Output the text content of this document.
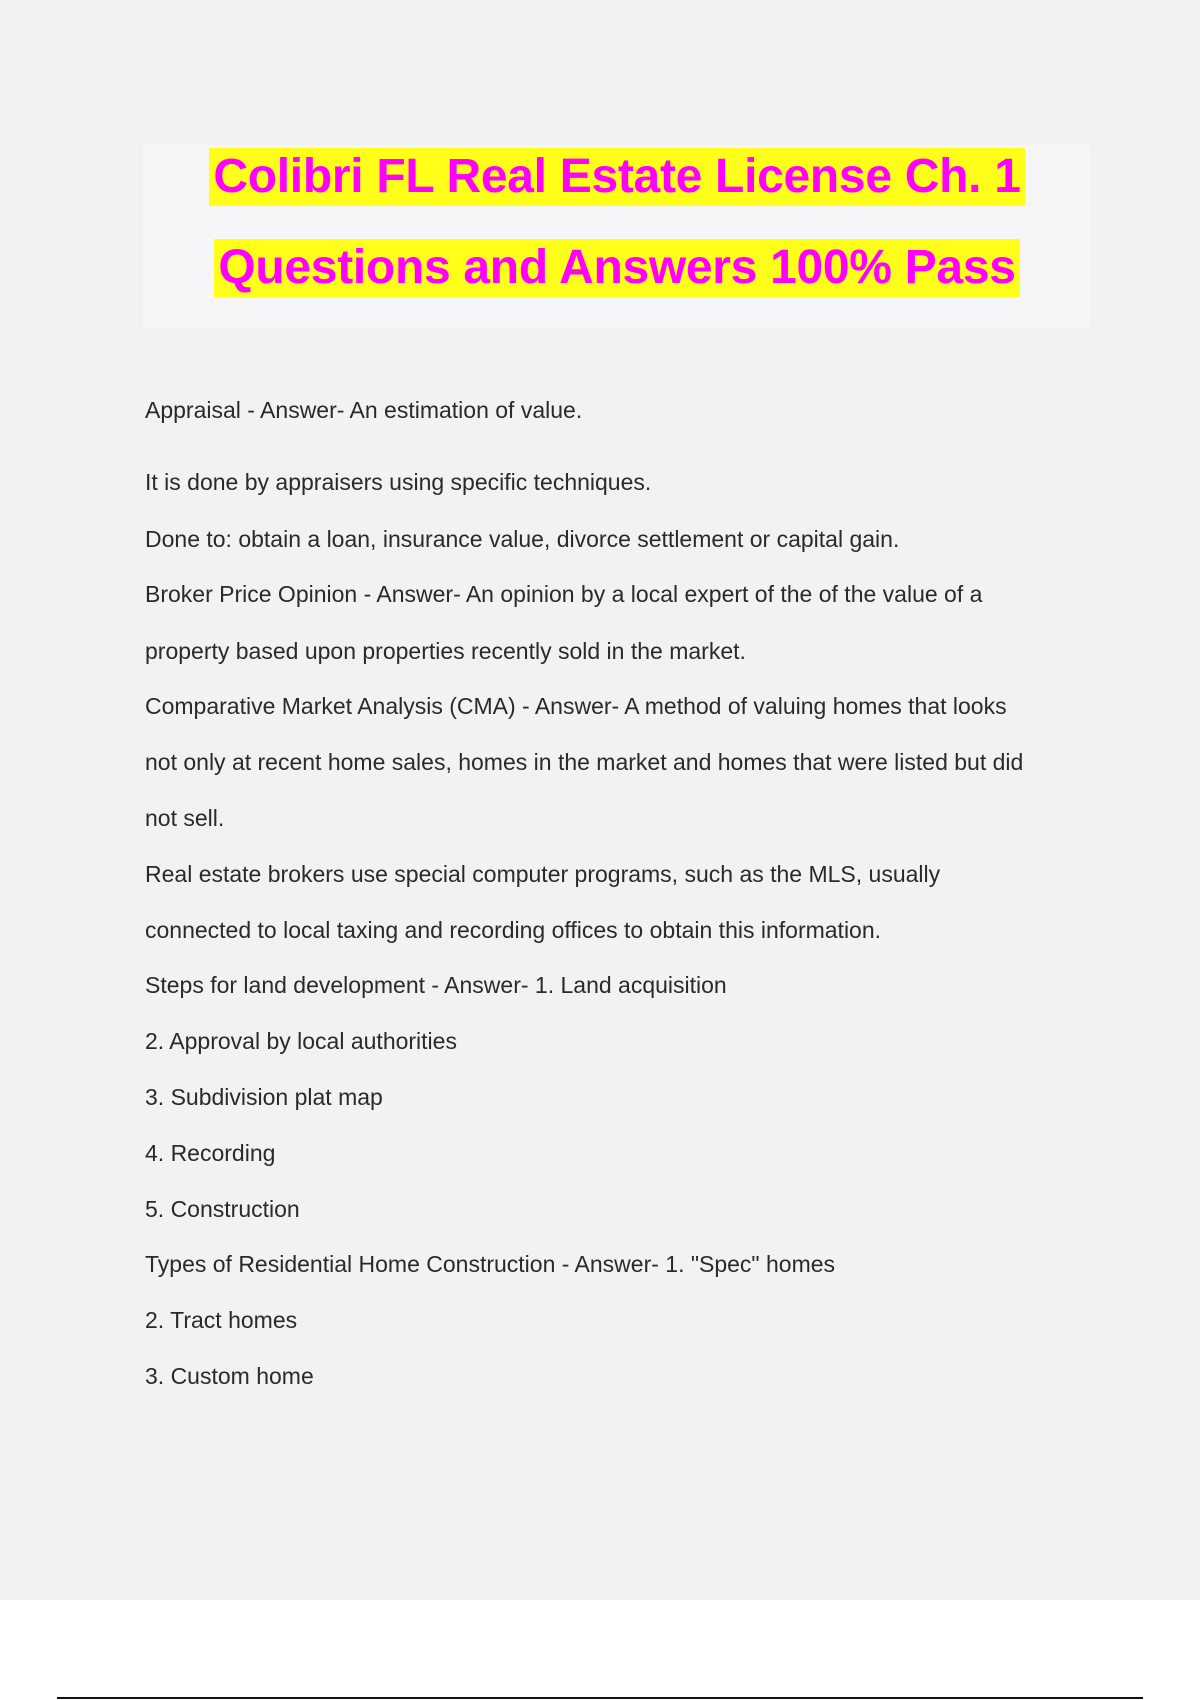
Colibri FL Real Estate License Ch. 1
Questions and Answers 100% Pass
Appraisal - Answer- An estimation of value.
It is done by appraisers using specific techniques.
Done to: obtain a loan, insurance value, divorce settlement or capital gain.
Broker Price Opinion - Answer- An opinion by a local expert of the of the value of a
property based upon properties recently sold in the market.
Comparative Market Analysis (CMA) - Answer- A method of valuing homes that looks
not only at recent home sales, homes in the market and homes that were listed but did
not sell.
Real estate brokers use special computer programs, such as the MLS, usually
connected to local taxing and recording offices to obtain this information.
Steps for land development - Answer- 1. Land acquisition
2. Approval by local authorities
3. Subdivision plat map
4. Recording
5. Construction
Types of Residential Home Construction - Answer- 1. "Spec" homes
2. Tract homes
3. Custom home
